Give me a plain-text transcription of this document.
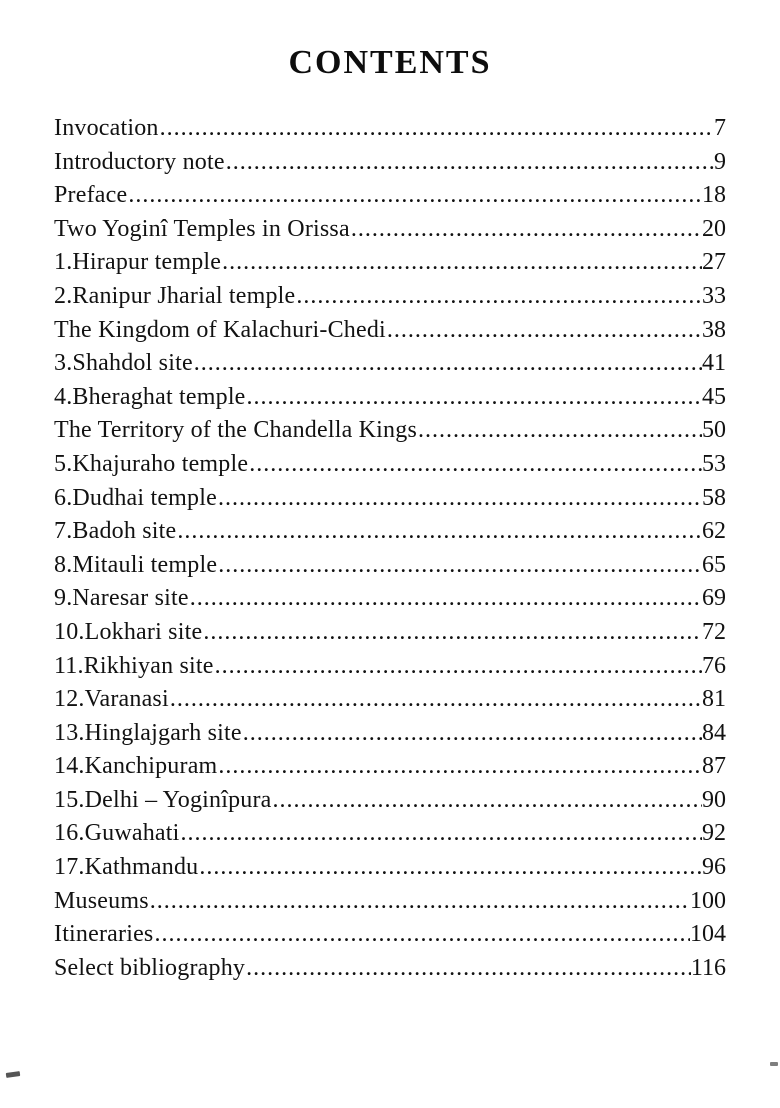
CONTENTS
Invocation .....	7
Introductory note .....	9
Preface .....	18
Two Yoginî Temples in Orissa .....	20
1.Hirapur temple .....	27
2.Ranipur Jharial temple .....	33
The Kingdom of Kalachuri-Chedi .....	38
3.Shahdol site .....	41
4.Bheraghat temple .....	45
The Territory of the Chandella Kings .....	50
5.Khajuraho temple .....	53
6.Dudhai temple .....	58
7.Badoh site .....	62
8.Mitauli temple .....	65
9.Naresar site .....	69
10.Lokhari site .....	72
11.Rikhiyan site .....	76
12.Varanasi .....	81
13.Hinglajgarh site .....	84
14.Kanchipuram .....	87
15.Delhi – Yoginîpura .....	90
16.Guwahati .....	92
17.Kathmandu .....	96
Museums .....	100
Itineraries .....	104
Select bibliography .....	116
